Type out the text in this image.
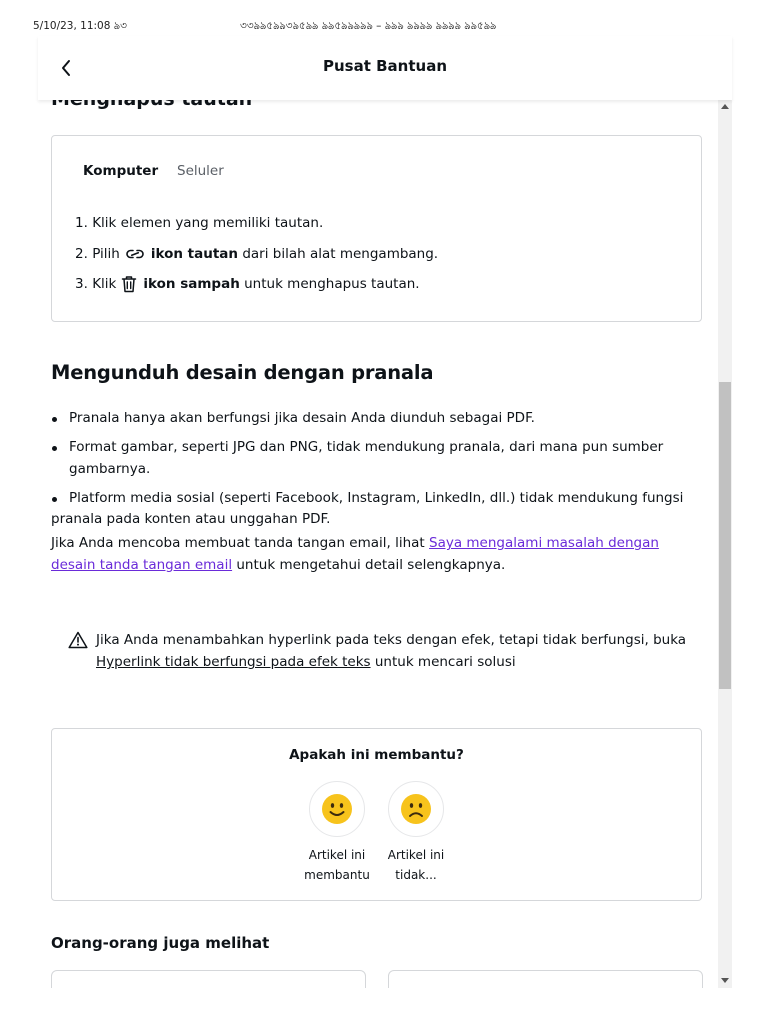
5/10/23, 11:08 ঌ৩	৩৩ঌঌ৫ঌঌ৩ঌ৫ঌঌ ঌঌ৫ঌঌঌঌঌ – ঌঌঌ ঌঌঌঌ ঌঌঌঌ ঌঌ৫ঌঌ
Pusat Bantuan
Komputer Seluler
1.
Klik elemen yang memiliki tautan.
2.
Pilih ikon tautan
dari bilah alat mengambang.
3.
Klik ikon sampah
untuk menghapus tautan.
Mengunduh desain dengan pranala
Pranala hanya akan berfungsi jika desain Anda diunduh sebagai PDF.
Format gambar, seperti JPG dan PNG, tidak mendukung pranala, dari mana pun sumber gambarnya.
Platform media sosial (seperti Facebook, Instagram, LinkedIn, dll.) tidak mendukung fungsi pranala pada konten atau unggahan PDF.
Jika Anda mencoba membuat tanda tangan email, lihat Saya mengalami masalah dengan desain tanda tangan email untuk mengetahui detail selengkapnya.
Jika Anda menambahkan hyperlink pada teks dengan efek, tetapi tidak berfungsi, buka Hyperlink tidak berfungsi pada efek teks untuk mencari solusi
Apakah ini membantu?
Artikel ini
membantu
Artikel ini
tidak...
Orang-orang juga melihat
